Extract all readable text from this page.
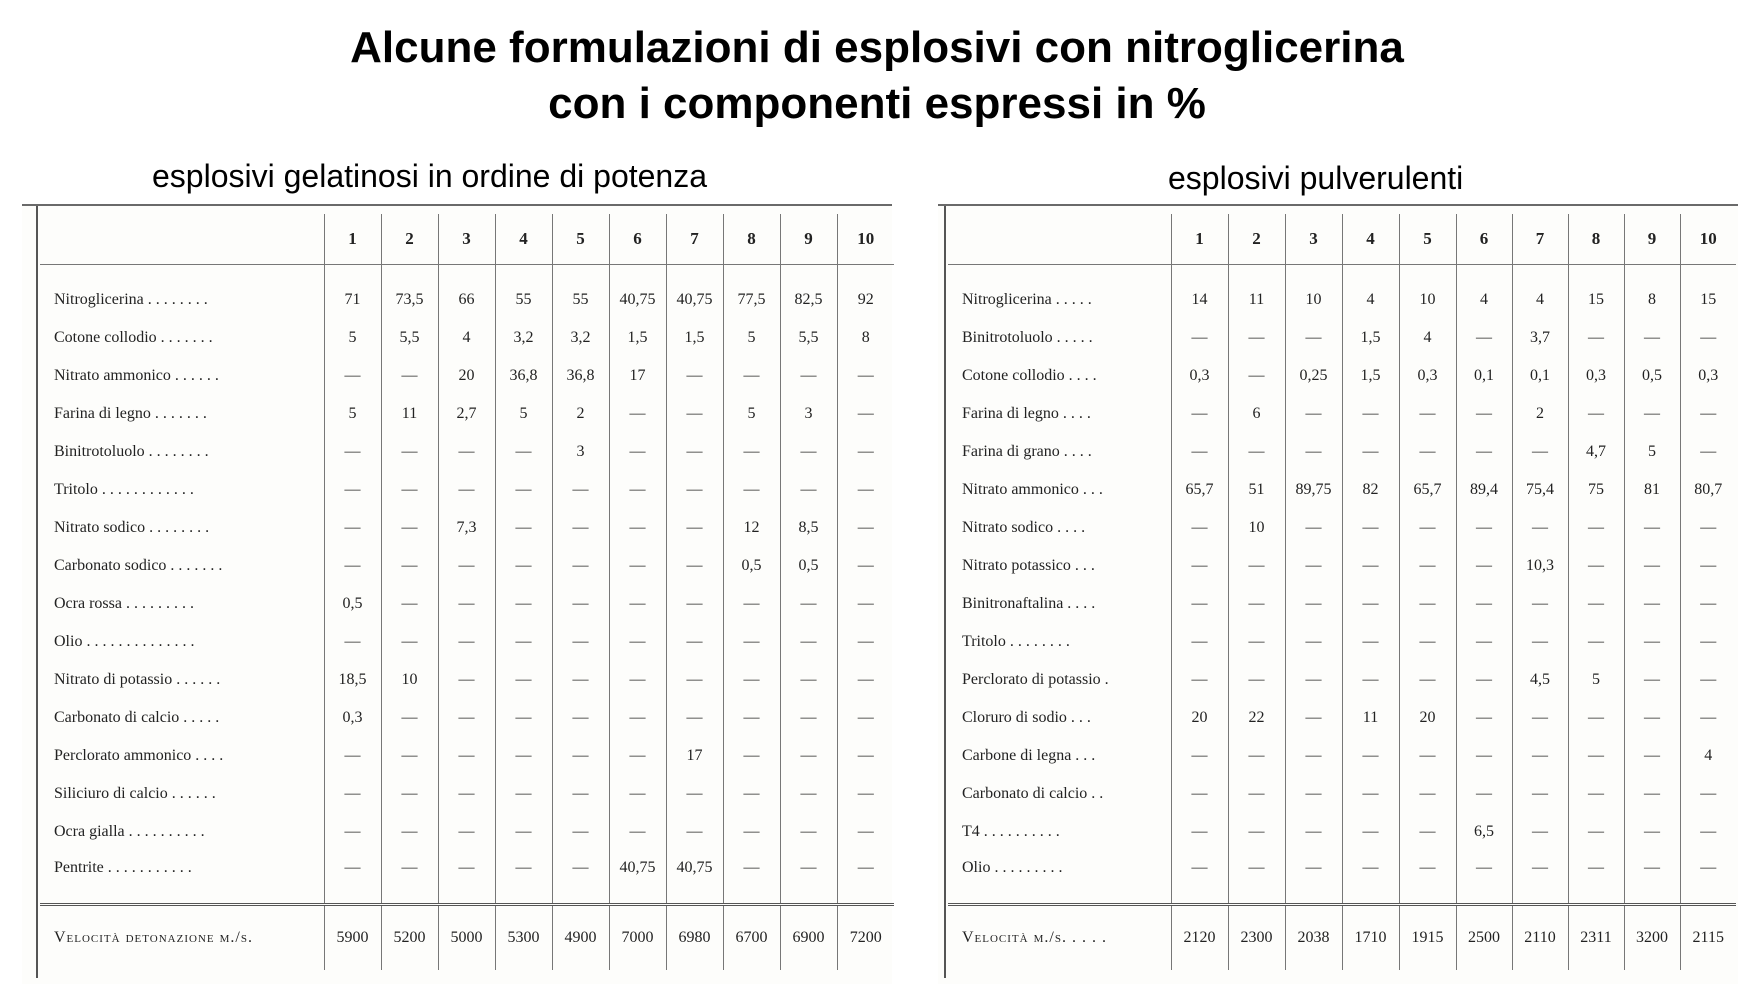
Alcune formulazioni di esplosivi con nitroglicerina
con i componenti espressi in %
esplosivi gelatinosi in ordine di potenza	esplosivi pulverulenti
	1	2	3	4	5	6	7	8	9	10

Nitroglicerina . . . . . . . .	71	73,5	66	55	55	40,75	40,75	77,5	82,5	92
Cotone collodio . . . . . . .	5	5,5	4	3,2	3,2	1,5	1,5	5	5,5	8
Nitrato ammonico . . . . . .	—	—	20	36,8	36,8	17	—	—	—	—
Farina di legno . . . . . . .	5	11	2,7	5	2	—	—	5	3	—
Binitrotoluolo . . . . . . . .	—	—	—	—	3	—	—	—	—	—
Tritolo . . . . . . . . . . . .	—	—	—	—	—	—	—	—	—	—
Nitrato sodico . . . . . . . .	—	—	7,3	—	—	—	—	12	8,5	—
Carbonato sodico . . . . . . .	—	—	—	—	—	—	—	0,5	0,5	—
Ocra rossa . . . . . . . . .	0,5	—	—	—	—	—	—	—	—	—
Olio . . . . . . . . . . . . . .	—	—	—	—	—	—	—	—	—	—
Nitrato di potassio . . . . . .	18,5	10	—	—	—	—	—	—	—	—
Carbonato di calcio . . . . .	0,3	—	—	—	—	—	—	—	—	—
Perclorato ammonico . . . .	—	—	—	—	—	—	17	—	—	—
Siliciuro di calcio . . . . . .	—	—	—	—	—	—	—	—	—	—
Ocra gialla . . . . . . . . . .	—	—	—	—	—	—	—	—	—	—
Pentrite . . . . . . . . . . .	—	—	—	—	—	40,75	40,75	—	—	—
Velocità detonazione m./s.	5900	5200	5000	5300	4900	7000	6980	6700	6900	7200
	1	2	3	4	5	6	7	8	9	10

Nitroglicerina . . . . .	14	11	10	4	10	4	4	15	8	15
Binitrotoluolo . . . . .	—	—	—	1,5	4	—	3,7	—	—	—
Cotone collodio . . . .	0,3	—	0,25	1,5	0,3	0,1	0,1	0,3	0,5	0,3
Farina di legno . . . .	—	6	—	—	—	—	2	—	—	—
Farina di grano . . . .	—	—	—	—	—	—	—	4,7	5	—
Nitrato ammonico . . .	65,7	51	89,75	82	65,7	89,4	75,4	75	81	80,7
Nitrato sodico . . . .	—	10	—	—	—	—	—	—	—	—
Nitrato potassico . . .	—	—	—	—	—	—	10,3	—	—	—
Binitronaftalina . . . .	—	—	—	—	—	—	—	—	—	—
Tritolo . . . . . . . .	—	—	—	—	—	—	—	—	—	—
Perclorato di potassio .	—	—	—	—	—	—	4,5	5	—	—
Cloruro di sodio . . .	20	22	—	11	20	—	—	—	—	—
Carbone di legna . . .	—	—	—	—	—	—	—	—	—	4
Carbonato di calcio . .	—	—	—	—	—	—	—	—	—	—
T4 . . . . . . . . . .	—	—	—	—	—	6,5	—	—	—	—
Olio . . . . . . . . .	—	—	—	—	—	—	—	—	—	—
Velocità m./s. . . . .	2120	2300	2038	1710	1915	2500	2110	2311	3200	2115
